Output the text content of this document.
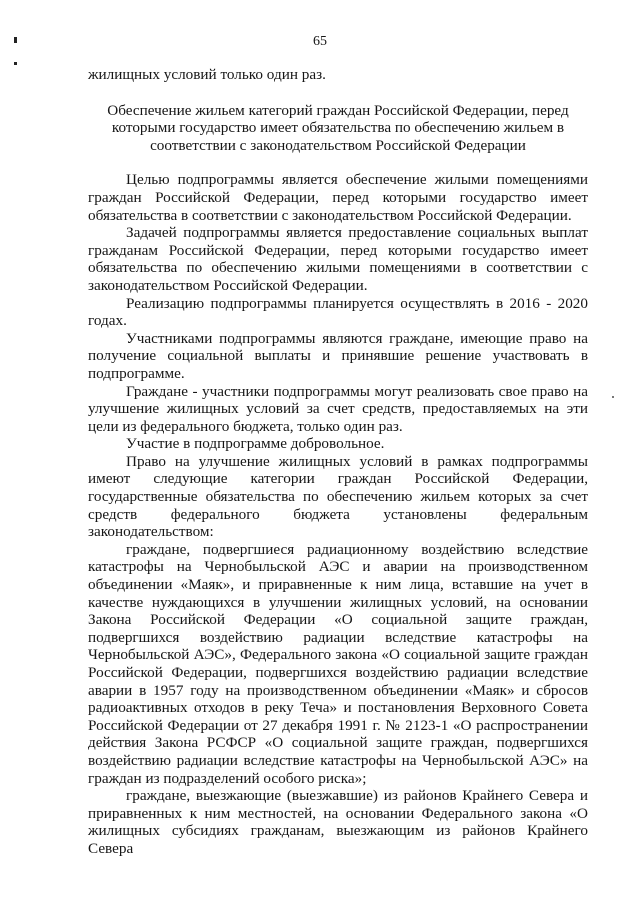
65

жилищных условий только один раз.

Обеспечение жильем категорий граждан Российской Федерации, перед которыми государство имеет обязательства по обеспечению жильем в соответствии с законодательством Российской Федерации

Целью подпрограммы является обеспечение жилыми помещениями граждан Российской Федерации, перед которыми государство имеет обязательства в соответствии с законодательством Российской Федерации.

Задачей подпрограммы является предоставление социальных выплат гражданам Российской Федерации, перед которыми государство имеет обязательства по обеспечению жилыми помещениями в соответствии с законодательством Российской Федерации.

Реализацию подпрограммы планируется осуществлять в 2016 - 2020 годах.

Участниками подпрограммы являются граждане, имеющие право на получение социальной выплаты и принявшие решение участвовать в подпрограмме.

Граждане - участники подпрограммы могут реализовать свое право на улучшение жилищных условий за счет средств, предоставляемых на эти цели из федерального бюджета, только один раз.

Участие в подпрограмме добровольное.

Право на улучшение жилищных условий в рамках подпрограммы имеют следующие категории граждан Российской Федерации, государственные обязательства по обеспечению жильем которых за счет средств федерального бюджета установлены федеральным законодательством:

граждане, подвергшиеся радиационному воздействию вследствие катастрофы на Чернобыльской АЭС и аварии на производственном объединении «Маяк», и приравненные к ним лица, вставшие на учет в качестве нуждающихся в улучшении жилищных условий, на основании Закона Российской Федерации «О социальной защите граждан, подвергшихся воздействию радиации вследствие катастрофы на Чернобыльской АЭС», Федерального закона «О социальной защите граждан Российской Федерации, подвергшихся воздействию радиации вследствие аварии в 1957 году на производственном объединении «Маяк» и сбросов радиоактивных отходов в реку Теча» и постановления Верховного Совета Российской Федерации от 27 декабря 1991 г. № 2123-1 «О распространении действия Закона РСФСР «О социальной защите граждан, подвергшихся воздействию радиации вследствие катастрофы на Чернобыльской АЭС» на граждан из подразделений особого риска»;

граждане, выезжающие (выезжавшие) из районов Крайнего Севера и приравненных к ним местностей, на основании Федерального закона «О жилищных субсидиях гражданам, выезжающим из районов Крайнего Севера
